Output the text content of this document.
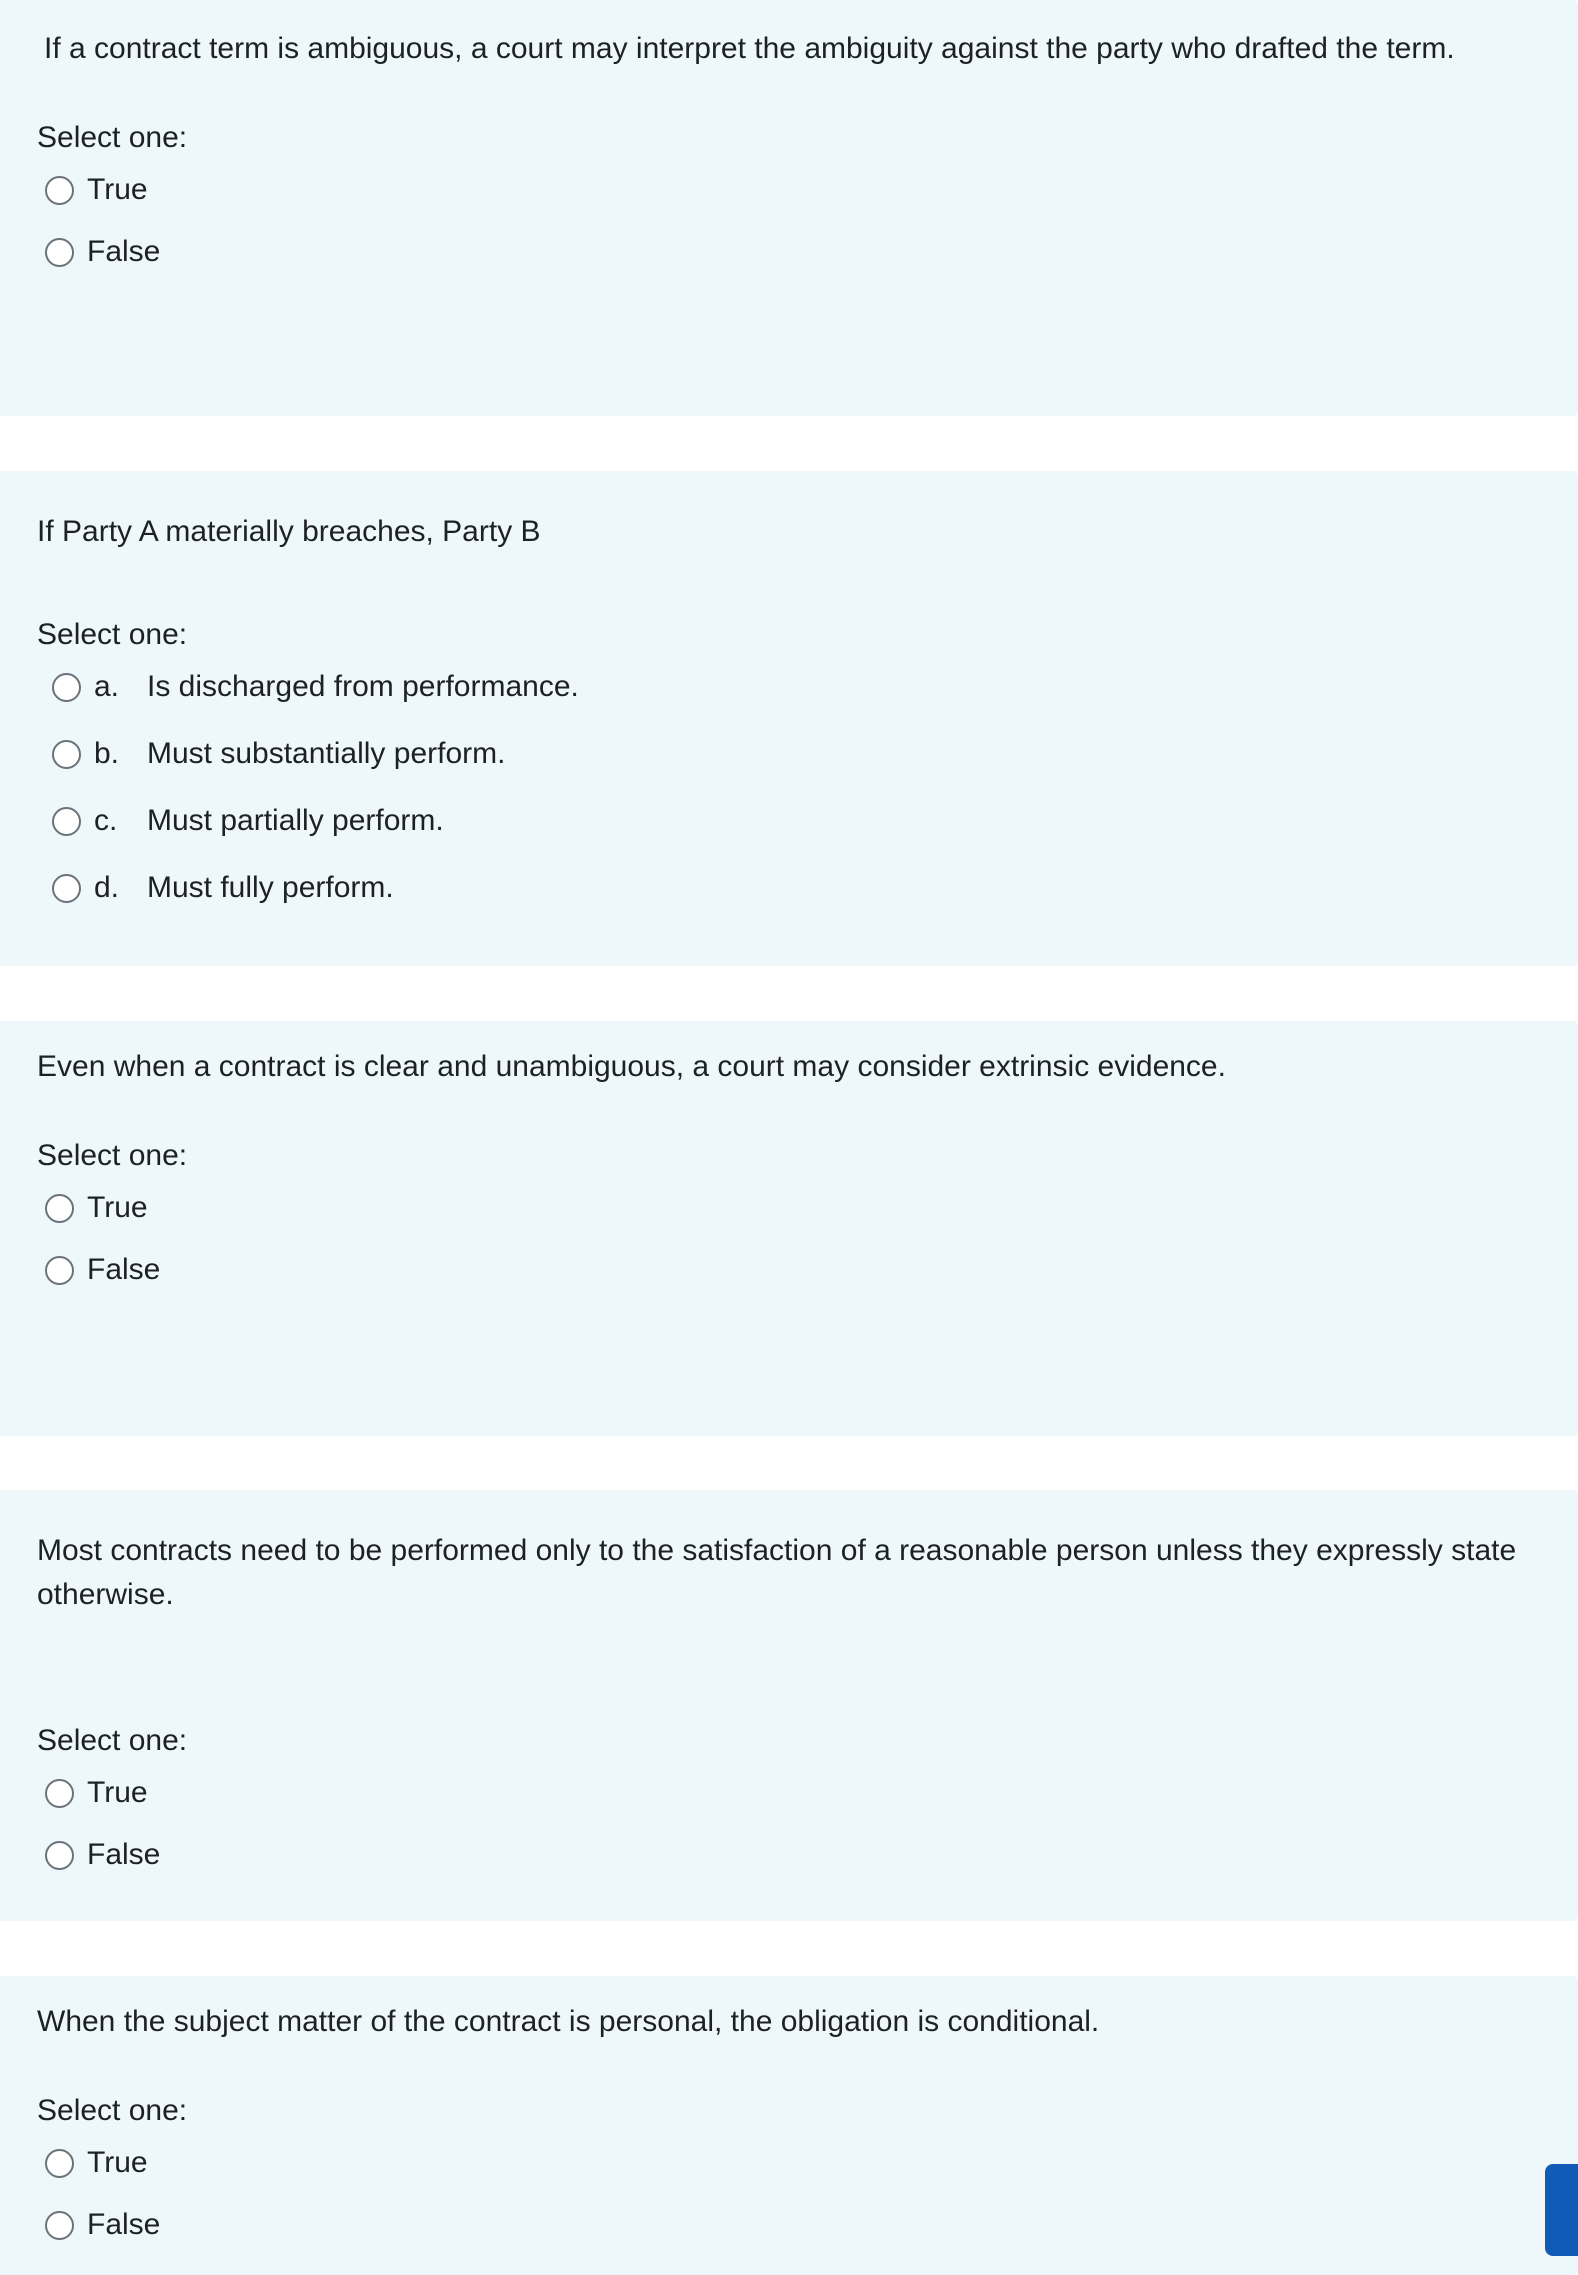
If a contract term is ambiguous, a court may interpret the ambiguity against the party who drafted the term.
Select one:
True
False
If Party A materially breaches, Party B
Select one:
a. Is discharged from performance.
b. Must substantially perform.
c. Must partially perform.
d. Must fully perform.
Even when a contract is clear and unambiguous, a court may consider extrinsic evidence.
Select one:
True
False
Most contracts need to be performed only to the satisfaction of a reasonable person unless they expressly state otherwise.
Select one:
True
False
When the subject matter of the contract is personal, the obligation is conditional.
Select one:
True
False
